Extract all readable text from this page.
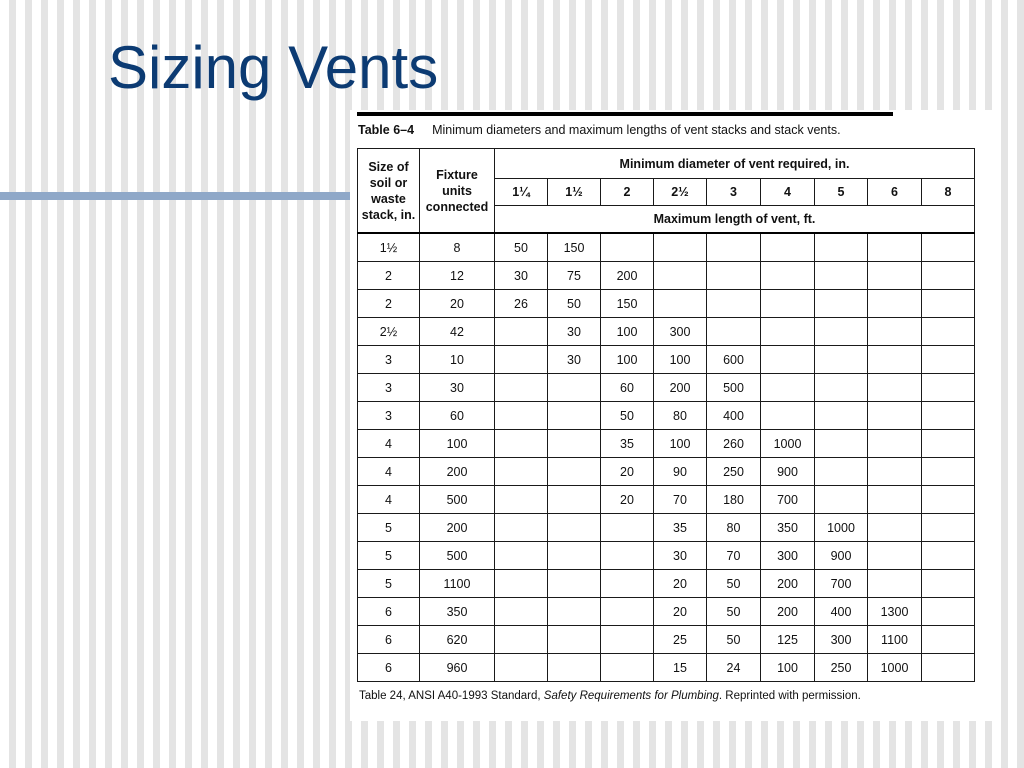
Sizing Vents
Table 6–4 Minimum diameters and maximum lengths of vent stacks and stack vents.
Size of soil or waste stack, in.	Fixture units connected	Minimum diameter of vent required, in.								
		1¼	1½	2	2½	3	4	5	6	8
		Maximum length of vent, ft.								
1½	8	50	150							
2	12	30	75	200						
2	20	26	50	150						
2½	42		30	100	300					
3	10		30	100	100	600				
3	30			60	200	500				
3	60			50	80	400				
4	100			35	100	260	1000			
4	200			20	90	250	900			
4	500			20	70	180	700			
5	200				35	80	350	1000		
5	500				30	70	300	900		
5	1100				20	50	200	700		
6	350				20	50	200	400	1300	
6	620				25	50	125	300	1100	
6	960				15	24	100	250	1000	
Table 24, ANSI A40-1993 Standard, Safety Requirements for Plumbing. Reprinted with permission.
